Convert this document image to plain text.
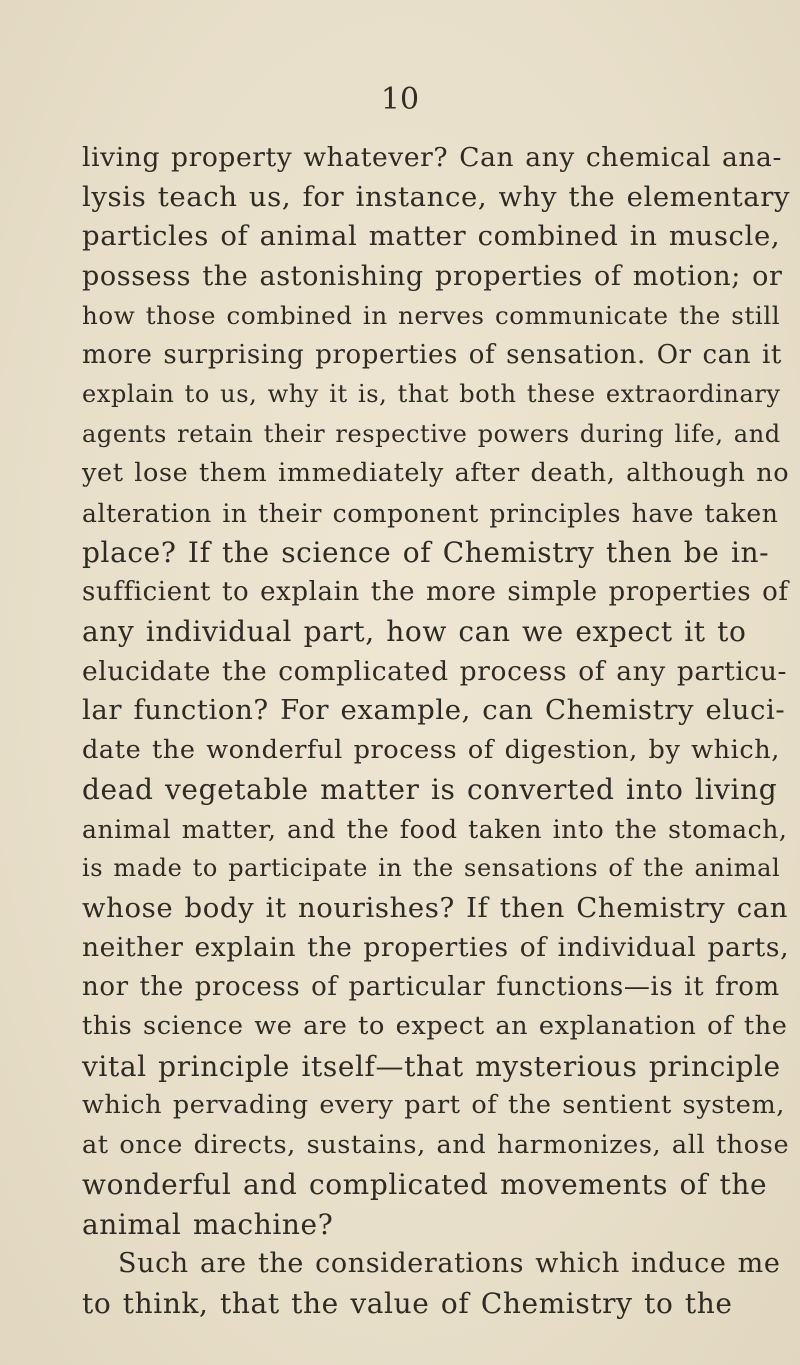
10
living property whatever? Can any chemical ana-
lysis teach us, for instance, why the elementary
particles of animal matter combined in muscle,
possess the astonishing properties of motion; or
how those combined in nerves communicate the still
more surprising properties of sensation. Or can it
explain to us, why it is, that both these extraordinary
agents retain their respective powers during life, and
yet lose them immediately after death, although no
alteration in their component principles have taken
place? If the science of Chemistry then be in-
sufficient to explain the more simple properties of
any individual part, how can we expect it to
elucidate the complicated process of any particu-
lar function? For example, can Chemistry eluci-
date the wonderful process of digestion, by which,
dead vegetable matter is converted into living
animal matter, and the food taken into the stomach,
is made to participate in the sensations of the animal
whose body it nourishes? If then Chemistry can
neither explain the properties of individual parts,
nor the process of particular functions—is it from
this science we are to expect an explanation of the
vital principle itself—that mysterious principle
which pervading every part of the sentient system,
at once directs, sustains, and harmonizes, all those
wonderful and complicated movements of the
animal machine?
Such are the considerations which induce me
to think, that the value of Chemistry to the
